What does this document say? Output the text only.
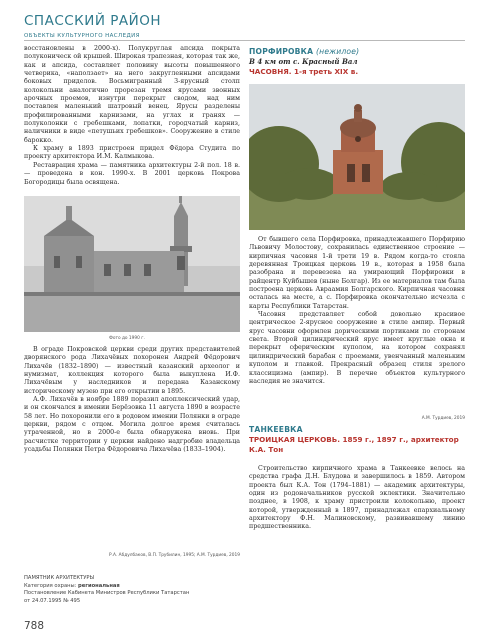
СПАССКИЙ РАЙОН
ОБЪЕКТЫ КУЛЬТУРНОГО НАСЛЕДИЯ

восстановлены в 2000-х). Полукруглая апсида покрыта полуконическ ой крышей. Широкая трапезная, которая так же, как и апсида, составляет половину высоты повышенного четверика, «наползает» на него закругленными апсидами боковых приделов. Восьмигранный 3-ярусный столп колокольни аналогично прорезан тремя ярусами звонных арочных проемов, изнутри перекрыт сводом, над ним поставлен маленький шатровый венец. Ярусы разделены профилированными карнизами, на углах и гранях — полуколонки с гребешками, лопатки, городчатый карниз, наличники в виде «петушьих гребешков». Сооружение в стиле барокко.

К храму в 1893 пристроен придел Фёдора Студита по проекту архитектора И.М. Калмыкова.

Реставрация храма — памятника архитектуры 2-й пол. 18 в. — проведена в кон. 1990-х. В 2001 церковь Покрова Богородицы была освящена.

Фото до 1990 г.

В ограде Покровской церкви среди других представителей дворянского рода Лихачёвых похоронен Андрей Фёдорович Лихачёв (1832–1890) — известный казанский археолог и нумизмат, коллекция которого была выкуплена И.Ф. Лихачёвым у наследников и передана Казанскому историческому музею при его открытии в 1895.

А.Ф. Лихачёв в ноябре 1889 поразил апоплексический удар, и он скончался в имении Берёзовка 11 августа 1890 в возрасте 58 лет. Но похоронили его в родовом имении Полянки в ограде церкви, рядом с отцом. Могила долгое время считалась утраченной, но в 2000-е была обнаружена вновь. При расчистке территории у церкви найдено надгробие владельца усадьбы Полянки Петра Фёдоровича Лихачёва (1833–1904).

Р.А. Абдулбаков, В.П. Трубилин, 1995; А.М. Турдиев, 2019
ПАМЯТНИК АРХИТЕКТУРЫ
Категория охраны: региональная
Постановление Кабинета Министров Республики Татарстан
от 24.07.1995 № 495
788
ПОРФИРОВКА (нежилое)
В 4 км от с. Красный Вал
ЧАСОВНЯ. 1-я треть XIX в.

От бывшего села Порфировка, принадлежавшего Порфирию Львовичу Молостову, сохранилась единственное строение — кирпичная часовня 1-й трети 19 в. Рядом когда-то стояла деревянная Троицкая церковь 19 в., которая в 1958 была разобрана и перевезена на умирающий Порфировки в райцентр Куйбышев (ныне Болгар). Из ее материалов там была построена церковь Авраамия Болгарского. Кирпичная часовня осталась на месте, а с. Порфировка окончательно исчезла с карты Республики Татарстан.

Часовня представляет собой довольно красивое центрическое 2-ярусное сооружение в стиле ампир. Первый ярус часовни оформлен дорическими портиками по сторонам света. Второй цилиндрический ярус имеет круглые окна и перекрыт сферическим куполом, на котором сохранял цилиндрический барабан с проемами, увенчанный маленьким куполом и главкой. Прекрасный образец стиля зрелого классицизма (ампир). В перечне объектов культурного наследия не значится.

А.М. Турдиев, 2019
ТАНКЕЕВКА
ТРОИЦКАЯ ЦЕРКОВЬ. 1859 г., 1897 г., архитектор К.А. Тон

Строительство кирпичного храма в Танкеевке велось на средства графа Д.Н. Блудова и завершилось в 1859. Автором проекта был К.А. Тон (1794–1881) — академик архитектуры, один из родоначальников русской эклектики. Значительно позднее, в 1908, к храму пристроили колокольню, проект которой, утвержденный в 1897, принадлежал епархиальному архитектору Ф.Н. Малиновскому, развивавшему линию предшественника.
